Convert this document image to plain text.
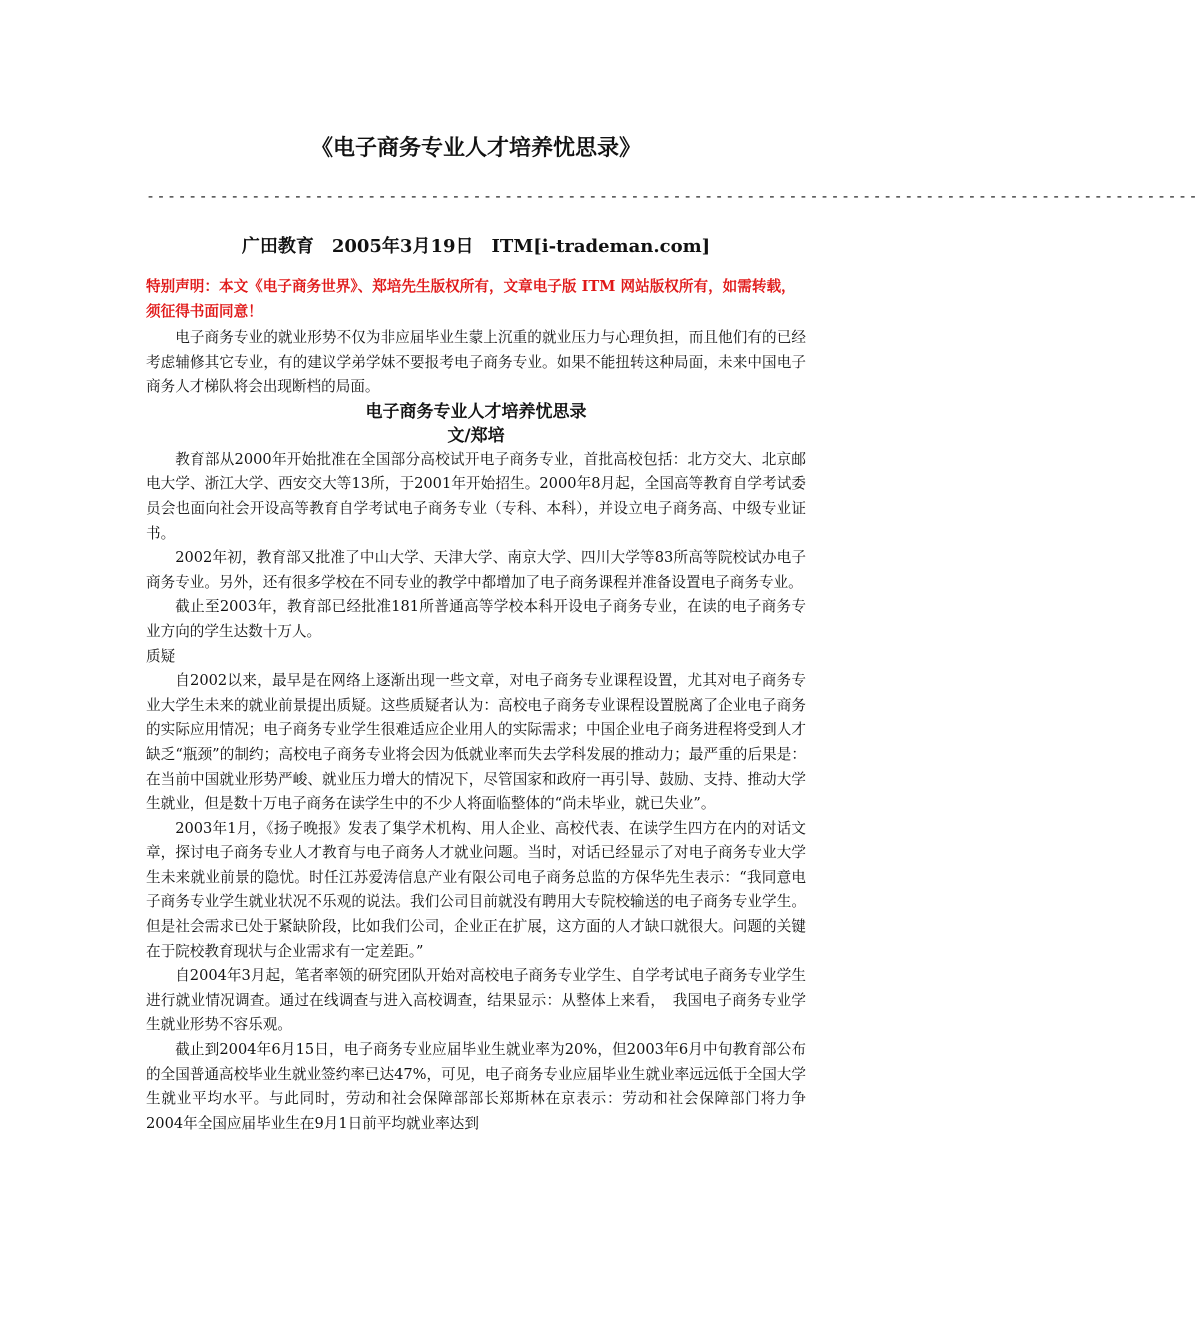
《电子商务专业人才培养忧思录》
----------------------------------------------------------------------------------------------------
广田教育　2005年3月19日　ITM[i-trademan.com]
特别声明：本文《电子商务世界》、郑培先生版权所有，文章电子版 ITM 网站版权所有，如需转载，须征得书面同意！

电子商务专业的就业形势不仅为非应届毕业生蒙上沉重的就业压力与心理负担，而且他们有的已经考虑辅修其它专业，有的建议学弟学妹不要报考电子商务专业。如果不能扭转这种局面，未来中国电子商务人才梯队将会出现断档的局面。

电子商务专业人才培养忧思录

文/郑培

教育部从2000年开始批准在全国部分高校试开电子商务专业，首批高校包括：北方交大、北京邮电大学、浙江大学、西安交大等13所，于2001年开始招生。2000年8月起，全国高等教育自学考试委员会也面向社会开设高等教育自学考试电子商务专业（专科、本科），并设立电子商务高、中级专业证书。

2002年初，教育部又批准了中山大学、天津大学、南京大学、四川大学等83所高等院校试办电子商务专业。另外，还有很多学校在不同专业的教学中都增加了电子商务课程并准备设置电子商务专业。

截止至2003年，教育部已经批准181所普通高等学校本科开设电子商务专业，在读的电子商务专业方向的学生达数十万人。

质疑

自2002以来，最早是在网络上逐渐出现一些文章，对电子商务专业课程设置，尤其对电子商务专业大学生未来的就业前景提出质疑。这些质疑者认为：高校电子商务专业课程设置脱离了企业电子商务的实际应用情况；电子商务专业学生很难适应企业用人的实际需求；中国企业电子商务进程将受到人才缺乏“瓶颈”的制约；高校电子商务专业将会因为低就业率而失去学科发展的推动力；最严重的后果是：在当前中国就业形势严峻、就业压力增大的情况下，尽管国家和政府一再引导、鼓励、支持、推动大学生就业，但是数十万电子商务在读学生中的不少人将面临整体的“尚未毕业，就已失业”。

2003年1月，《扬子晚报》发表了集学术机构、用人企业、高校代表、在读学生四方在内的对话文章，探讨电子商务专业人才教育与电子商务人才就业问题。当时，对话已经显示了对电子商务专业大学生未来就业前景的隐忧。时任江苏爱涛信息产业有限公司电子商务总监的方保华先生表示：“我同意电子商务专业学生就业状况不乐观的说法。我们公司目前就没有聘用大专院校输送的电子商务专业学生。但是社会需求已处于紧缺阶段，比如我们公司，企业正在扩展，这方面的人才缺口就很大。问题的关键在于院校教育现状与企业需求有一定差距。”

自2004年3月起，笔者率领的研究团队开始对高校电子商务专业学生、自学考试电子商务专业学生进行就业情况调查。通过在线调查与进入高校调查，结果显示：从整体上来看，　我国电子商务专业学生就业形势不容乐观。

截止到2004年6月15日，电子商务专业应届毕业生就业率为20%，但2003年6月中旬教育部公布的全国普通高校毕业生就业签约率已达47%，可见，电子商务专业应届毕业生就业率远远低于全国大学生就业平均水平。与此同时，劳动和社会保障部部长郑斯林在京表示：劳动和社会保障部门将力争2004年全国应届毕业生在9月1日前平均就业率达到
